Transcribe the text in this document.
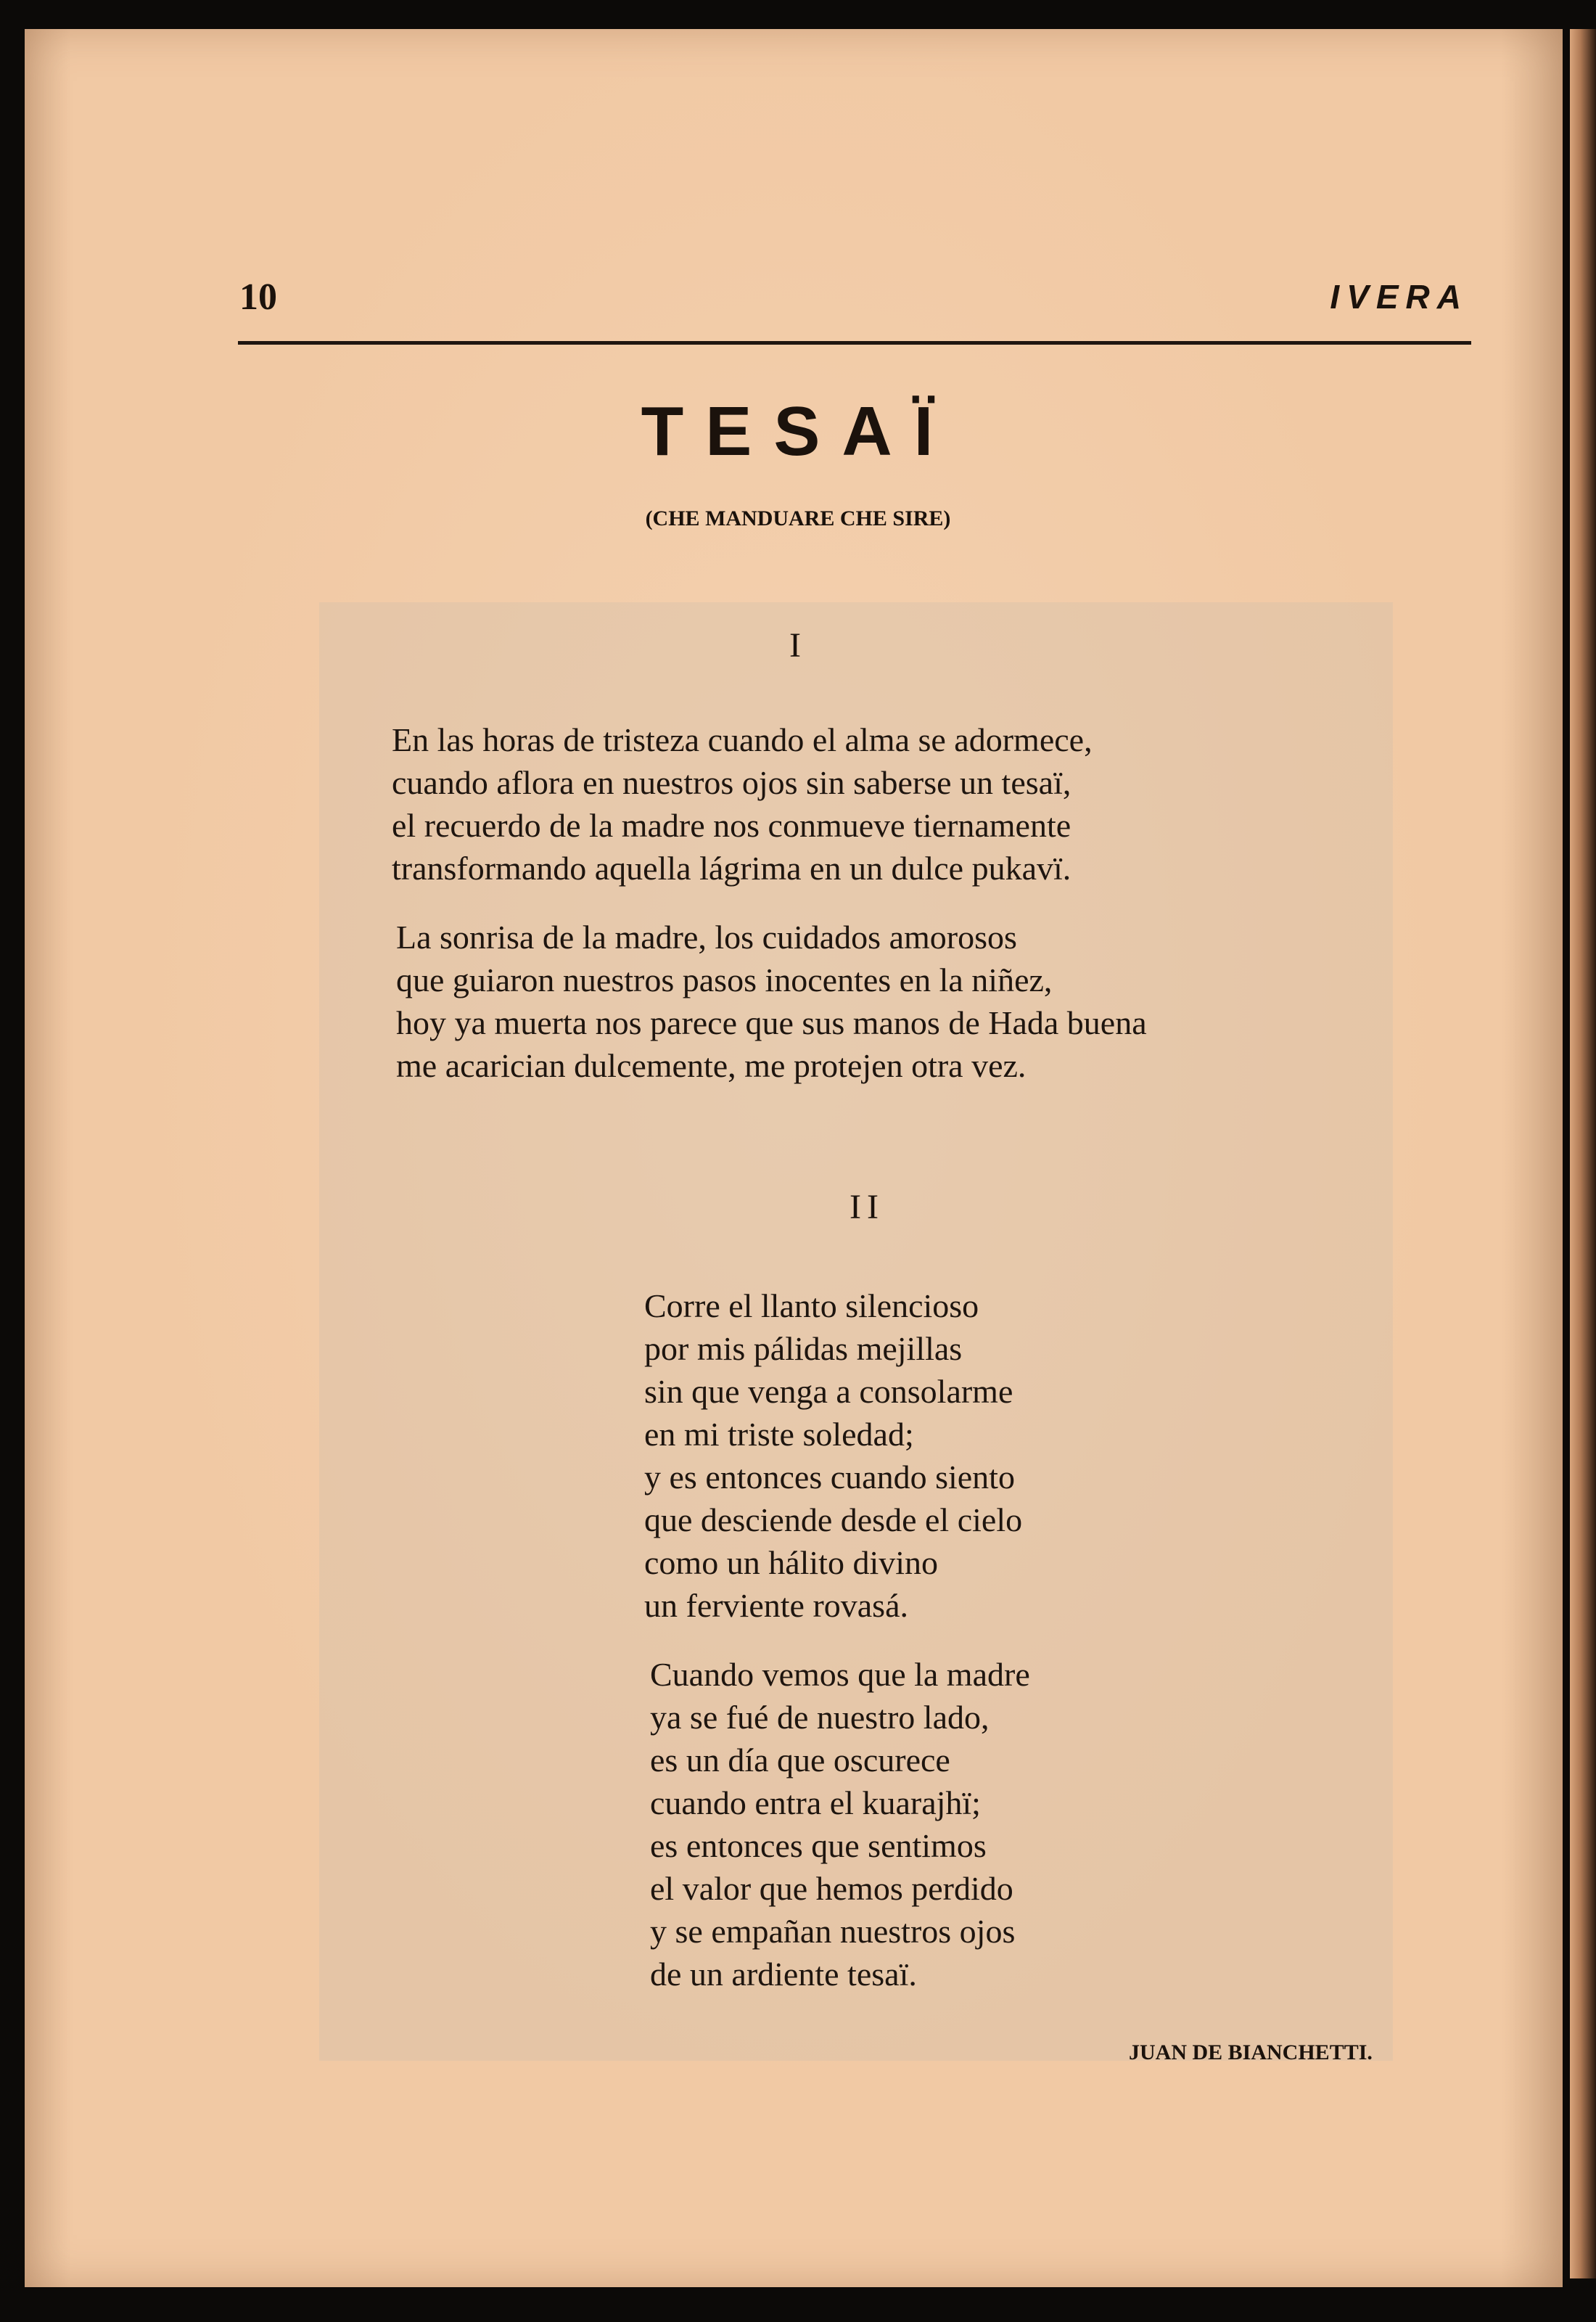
10	IVERA
TESAÏ
(CHE MANDUARE CHE SIRE)
I
En las horas de tristeza cuando el alma se adormece,
cuando aflora en nuestros ojos sin saberse un tesaï,
el recuerdo de la madre nos conmueve tiernamente
transformando aquella lágrima en un dulce pukavï.
La sonrisa de la madre, los cuidados amorosos
que guiaron nuestros pasos inocentes en la niñez,
hoy ya muerta nos parece que sus manos de Hada buena
me acarician dulcemente, me protejen otra vez.
II
Corre el llanto silencioso
por mis pálidas mejillas
sin que venga a consolarme
en mi triste soledad;
y es entonces cuando siento
que desciende desde el cielo
como un hálito divino
un ferviente rovasá.
Cuando vemos que la madre
ya se fué de nuestro lado,
es un día que oscurece
cuando entra el kuarajhï;
es entonces que sentimos
el valor que hemos perdido
y se empañan nuestros ojos
de un ardiente tesaï.
JUAN DE BIANCHETTI.
